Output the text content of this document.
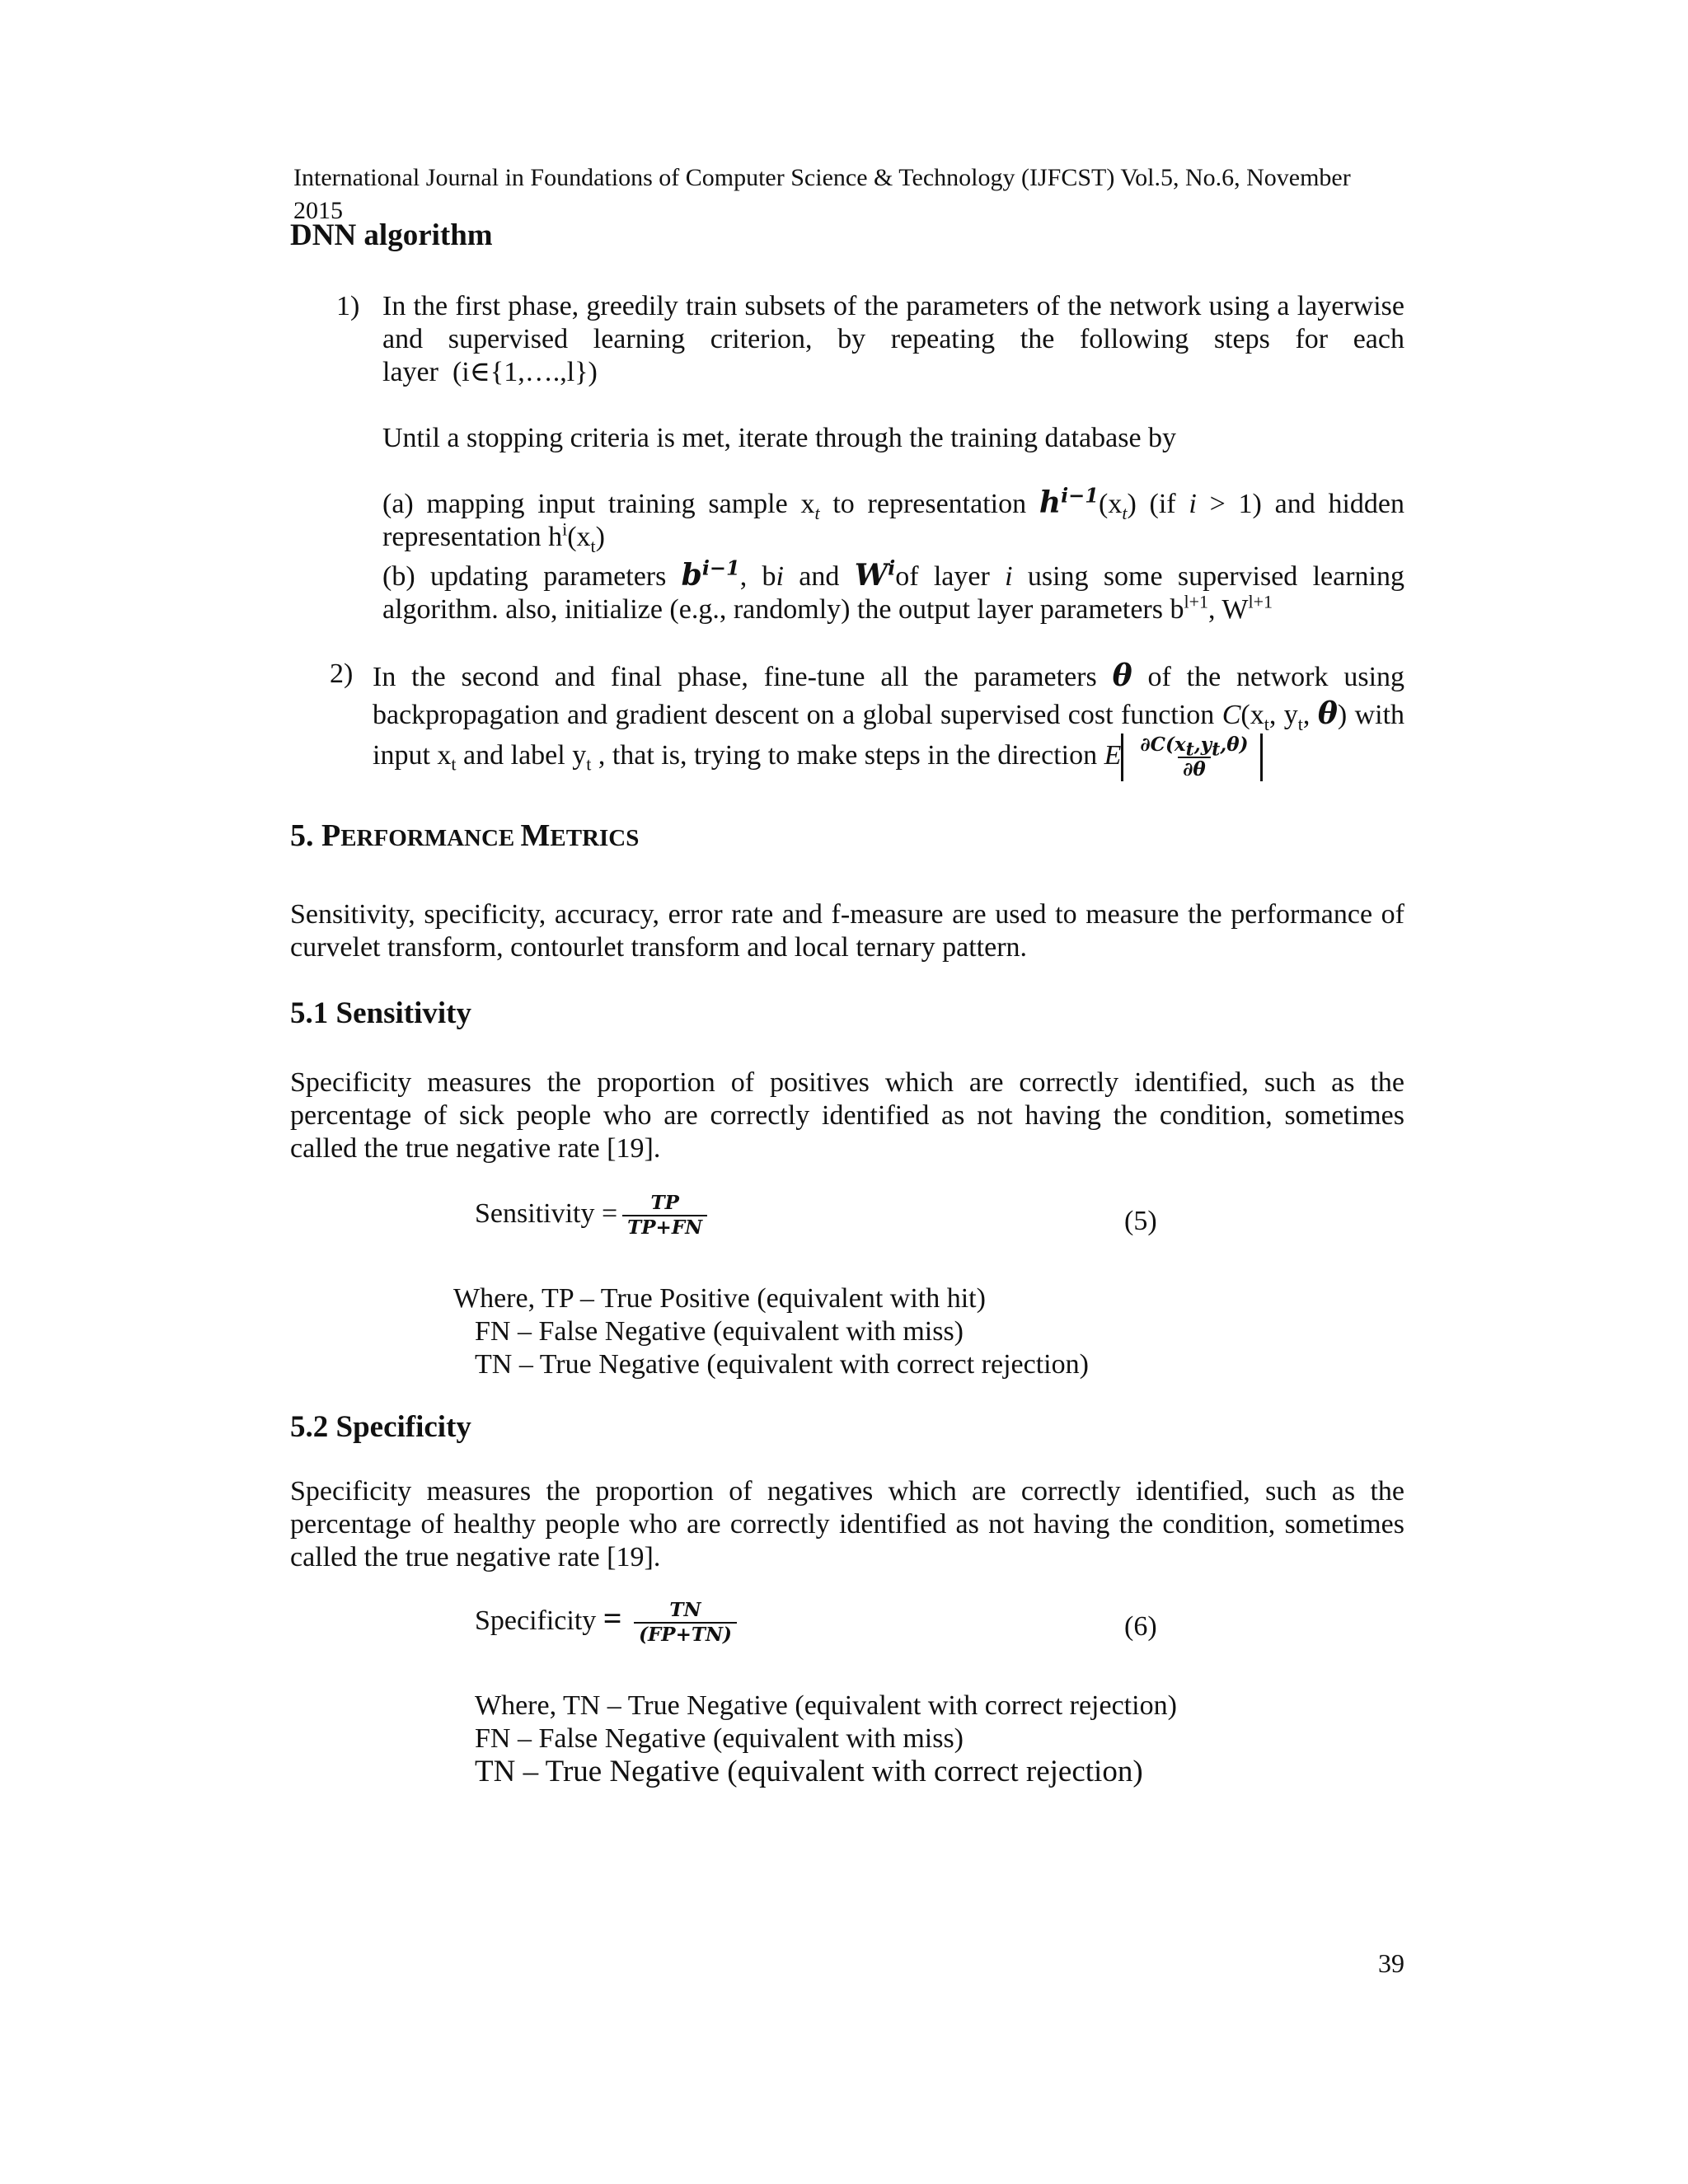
International Journal in Foundations of Computer Science & Technology (IJFCST) Vol.5, No.6, November 2015
DNN algorithm
1) In the first phase, greedily train subsets of the parameters of the network using a layerwise and supervised learning criterion, by repeating the following steps for each layer (i∈{1,….,l})
Until a stopping criteria is met, iterate through the training database by
(a) mapping input training sample $x_t$ to representation $h^{i-1}(x_t)$ (if i > 1) and hidden representation $h^i(x_t)$
(b) updating parameters $b^{i-1}$, bi and $W^iof$ layer i using some supervised learning algorithm. also, initialize (e.g., randomly) the output layer parameters $b^{l+1}$, $W^{l+1}$
2) In the second and final phase, fine-tune all the parameters θ of the network using backpropagation and gradient descent on a global supervised cost function $C(x_t$, $y_t$, θ) with input $x_t$ and label $y_t$ , that is, trying to make steps in the direction E $\frac{\partial C(x_t,y_t,\theta)}{\partial\theta}$
5. PERFORMANCE METRICS
Sensitivity, specificity, accuracy, error rate and f-measure are used to measure the performance of curvelet transform, contourlet transform and local ternary pattern.
5.1 Sensitivity
Specificity measures the proportion of positives which are correctly identified, such as the percentage of sick people who are correctly identified as not having the condition, sometimes called the true negative rate [19].
Sensitivity = $\frac{TP}{TP+FN}$	(5)
Where, TP – True Positive (equivalent with hit)
FN – False Negative (equivalent with miss)
TN – True Negative (equivalent with correct rejection)
5.2 Specificity
Specificity measures the proportion of negatives which are correctly identified, such as the percentage of healthy people who are correctly identified as not having the condition, sometimes called the true negative rate [19].
Specificity = $\frac{TN}{(FP+TN)}$	(6)
Where, TN – True Negative (equivalent with correct rejection)
FN – False Negative (equivalent with miss)
TN – True Negative (equivalent with correct rejection)
39
